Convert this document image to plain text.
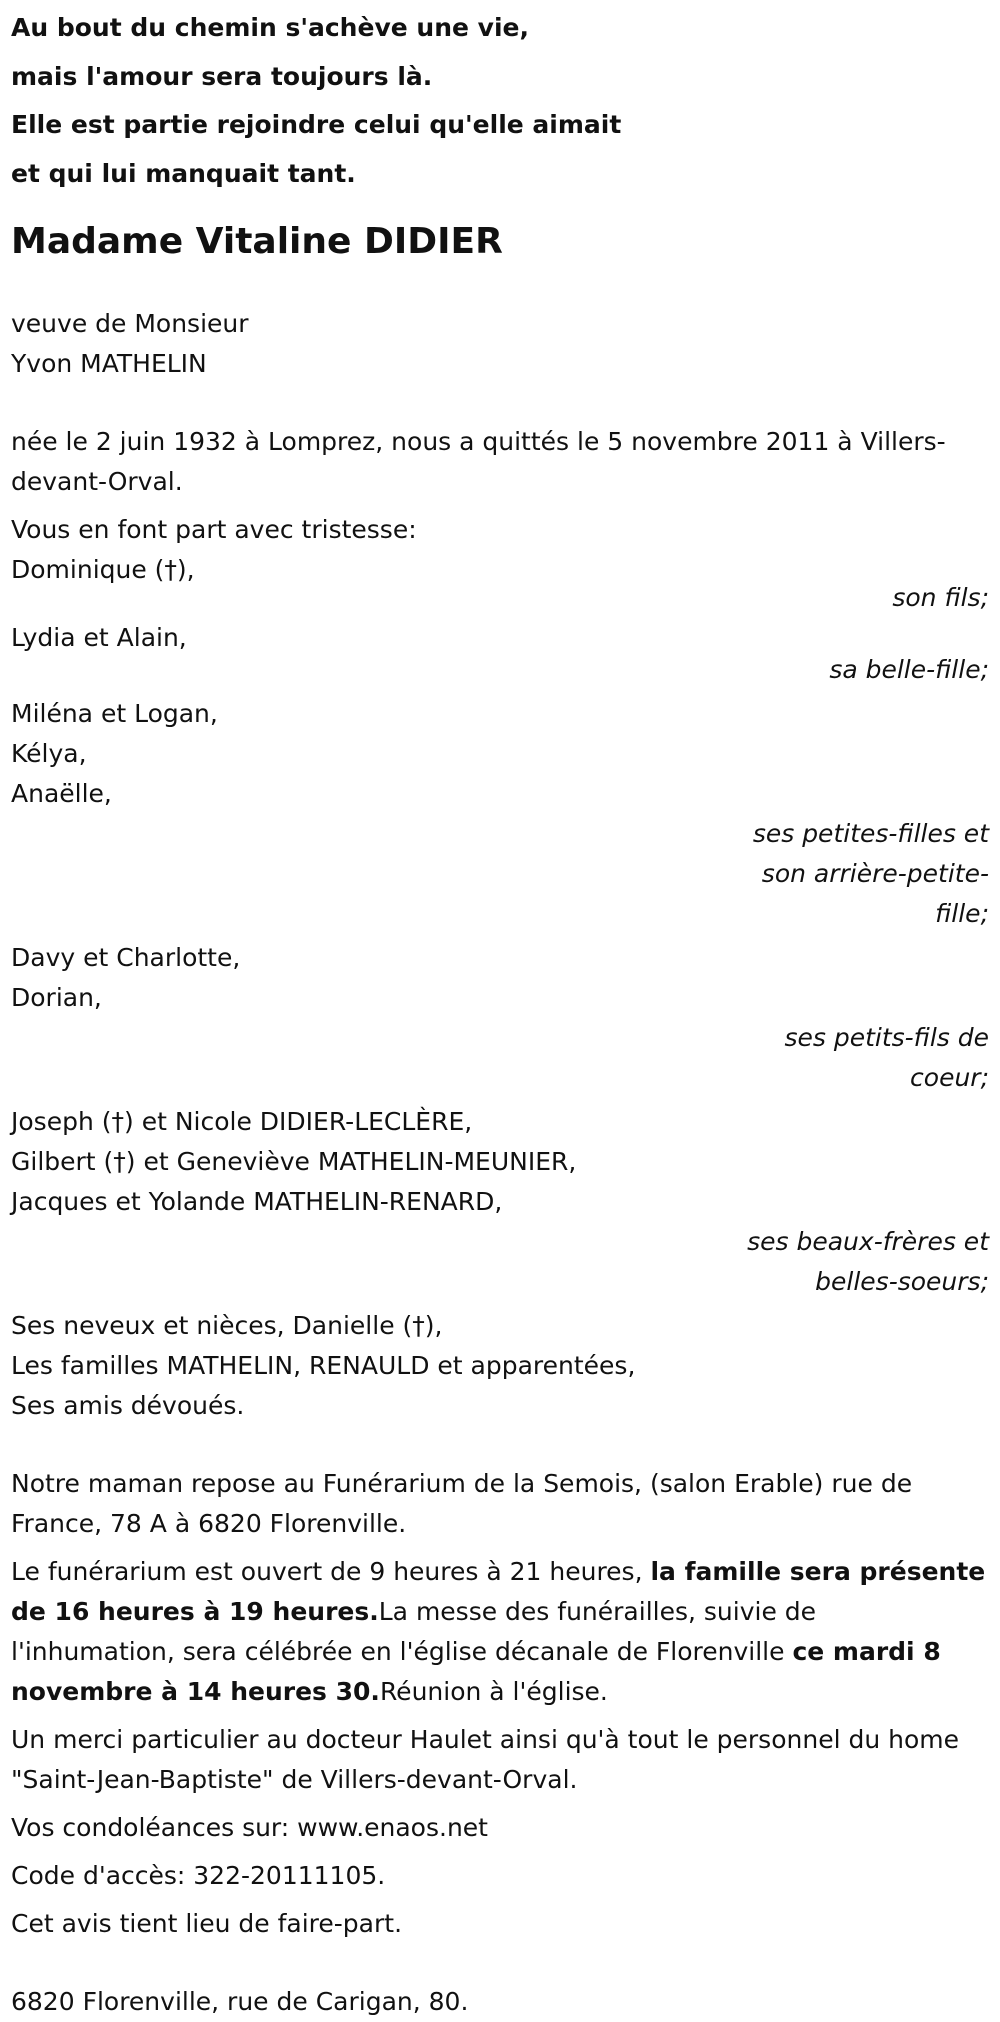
Au bout du chemin s'achève une vie,
mais l'amour sera toujours là.
Elle est partie rejoindre celui qu'elle aimait
et qui lui manquait tant.
Madame Vitaline DIDIER
veuve de Monsieur
Yvon MATHELIN
née le 2 juin 1932 à Lomprez, nous a quittés le 5 novembre 2011 à Villers-devant-Orval.
Vous en font part avec tristesse:
Dominique (†),
son fils;
Lydia et Alain,
sa belle-fille;
Miléna et Logan,
Kélya,
Anaëlle,
ses petites-filles et
son arrière-petite-
fille;
Davy et Charlotte,
Dorian,
ses petits-fils de
coeur;
Joseph (†) et Nicole DIDIER-LECLÈRE,
Gilbert (†) et Geneviève MATHELIN-MEUNIER,
Jacques et Yolande MATHELIN-RENARD,
ses beaux-frères et
belles-soeurs;
Ses neveux et nièces, Danielle (†),
Les familles MATHELIN, RENAULD et apparentées,
Ses amis dévoués.
Notre maman repose au Funérarium de la Semois, (salon Erable) rue de France, 78 A à 6820 Florenville.
Le funérarium est ouvert de 9 heures à 21 heures, la famille sera présente de 16 heures à 19 heures.La messe des funérailles, suivie de l'inhumation, sera célébrée en l'église décanale de Florenville ce mardi 8 novembre à 14 heures 30.Réunion à l'église.
Un merci particulier au docteur Haulet ainsi qu'à tout le personnel du home "Saint-Jean-Baptiste" de Villers-devant-Orval.
Vos condoléances sur: www.enaos.net
Code d'accès: 322-20111105.
Cet avis tient lieu de faire-part.
6820 Florenville, rue de Carigan, 80.
